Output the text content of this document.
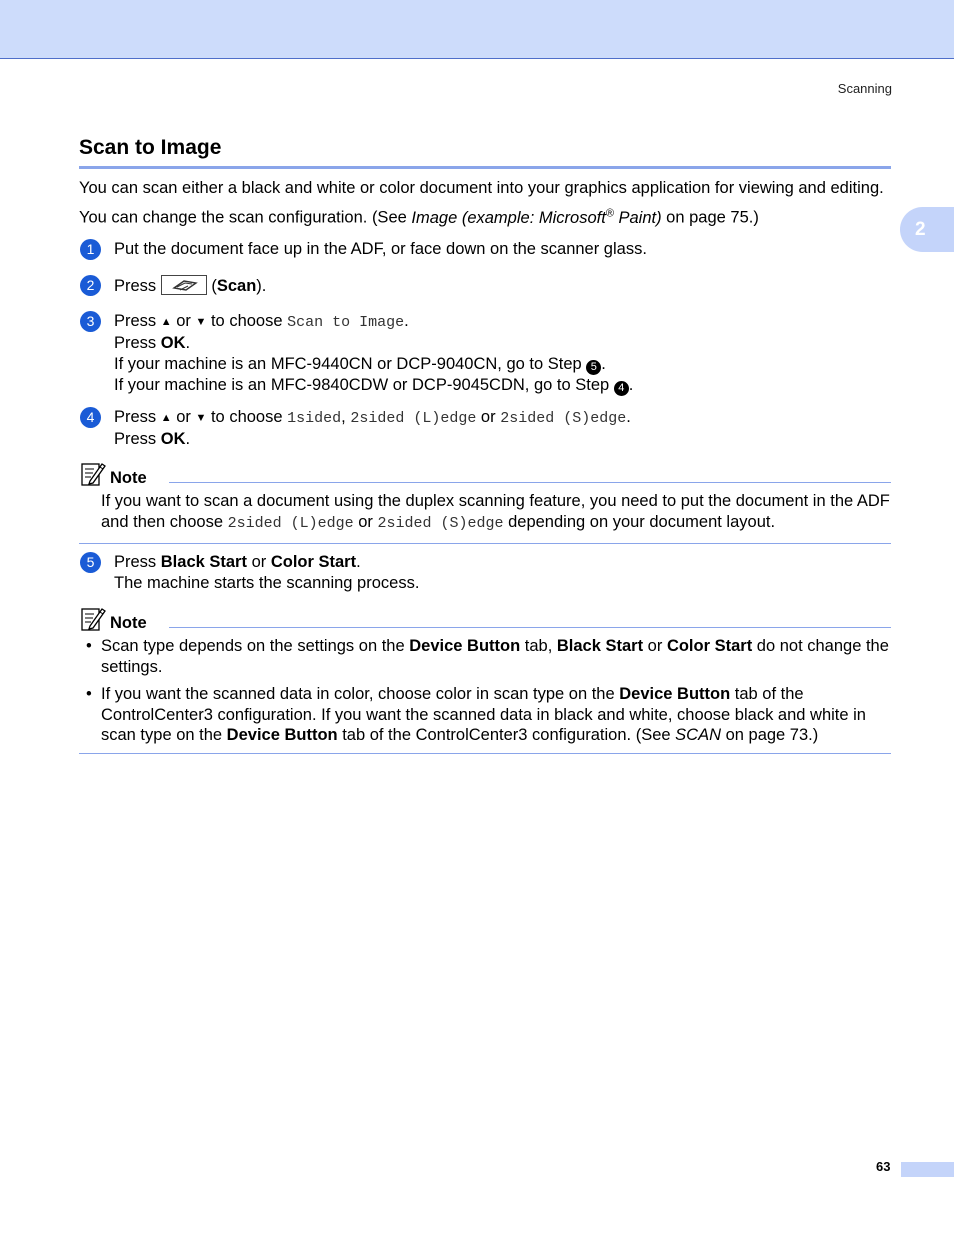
Scanning
2
Scan to Image

You can scan either a black and white or color document into your graphics application for viewing and editing. You can change the scan configuration. (See Image (example: Microsoft® Paint) on page 75.)

1	Put the document face up in the ADF, or face down on the scanner glass.
2	Press	(Scan).
3	Press ▲ or ▼ to choose Scan to Image.
Press OK.
If your machine is an MFC-9440CN or DCP-9040CN, go to Step 5 .
If your machine is an MFC-9840CDW or DCP-9045CDN, go to Step 4 .
4	Press ▲ or ▼ to choose 1sided, 2sided (L)edge or 2sided (S)edge.
Press OK.
Note
If you want to scan a document using the duplex scanning feature, you need to put the document in the ADF and then choose 2sided (L)edge or 2sided (S)edge depending on your document layout.
5	Press Black Start or Color Start.
The machine starts the scanning process.
Note
• Scan type depends on the settings on the Device Button tab, Black Start or Color Start do not change the settings.
• If you want the scanned data in color, choose color in scan type on the Device Button tab of the ControlCenter3 configuration. If you want the scanned data in black and white, choose black and white in scan type on the Device Button tab of the ControlCenter3 configuration. (See SCAN on page 73.)
63
